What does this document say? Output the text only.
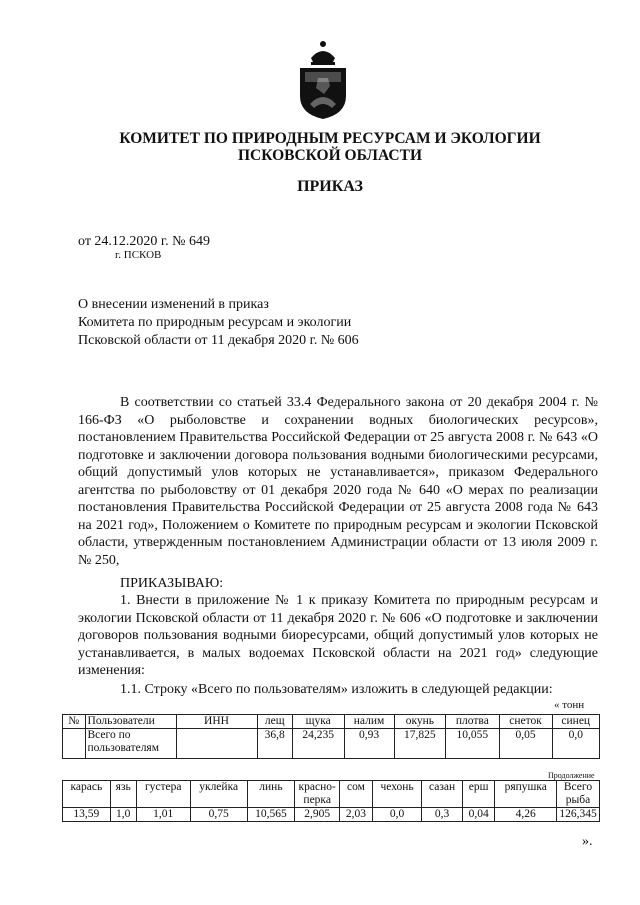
КОМИТЕТ ПО ПРИРОДНЫМ РЕСУРСАМ И ЭКОЛОГИИ
ПСКОВСКОЙ ОБЛАСТИ
ПРИКАЗ
от 24.12.2020 г. № 649
г. ПСКОВ
О внесении изменений в приказ
Комитета по природным ресурсам и экологии
Псковской области от 11 декабря 2020 г. № 606
В соответствии со статьей 33.4 Федерального закона от 20 декабря 2004 г. № 166-ФЗ «О рыболовстве и сохранении водных биологических ресурсов», постановлением Правительства Российской Федерации от 25 августа 2008 г. № 643 «О подготовке и заключении договора пользования водными биологическими ресурсами, общий допустимый улов которых не устанавливается», приказом Федерального агентства по рыболовству от 01 декабря 2020 года № 640 «О мерах по реализации постановления Правительства Российской Федерации от 25 августа 2008 года № 643 на 2021 год», Положением о Комитете по природным ресурсам и экологии Псковской области, утвержденным постановлением Администрации области от 13 июля 2009 г. № 250,
ПРИКАЗЫВАЮ:
1. Внести в приложение № 1 к приказу Комитета по природным ресурсам и экологии Псковской области от 11 декабря 2020 г. № 606 «О подготовке и заключении договоров пользования водными биоресурсами, общий допустимый улов которых не устанавливается, в малых водоемах Псковской области на 2021 год» следующие изменения:
1.1. Строку «Всего по пользователям» изложить в следующей редакции:
« тонн
№	Пользователи	ИНН	лещ	щука	налим	окунь	плотва	снеток	синец
	Всего по пользователям		36,8	24,235	0,93	17,825	10,055	0,05	0,0
Продолжение
карась	язь	густера	уклейка	линь	красно-перка	сом	чехонь	сазан	ерш	ряпушка	Всего рыба
13,59	1,0	1,01	0,75	10,565	2,905	2,03	0,0	0,3	0,04	4,26	126,345
».
